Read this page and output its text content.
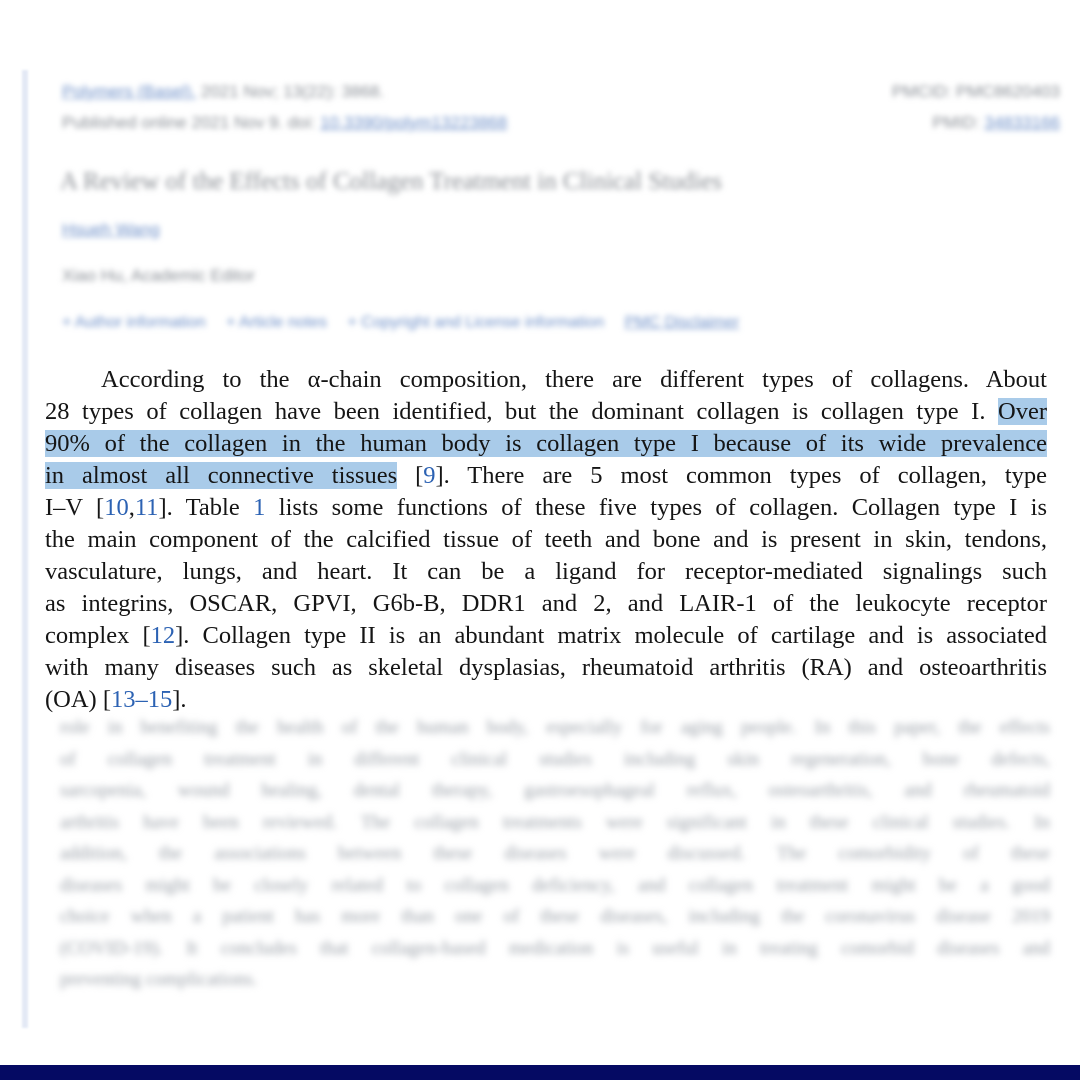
Polymers (Basel). 2021 Nov; 13(22): 3868.
Published online 2021 Nov 9. doi: 10.3390/polym13223868
PMCID: PMC8620403
PMID: 34833166
A Review of the Effects of Collagen Treatment in Clinical Studies
Hsueh Wang
Xiao Hu, Academic Editor
+ Author information + Article notes + Copyright and License information PMC Disclaimer
According to the α-chain composition, there are different types of collagens. About
28 types of collagen have been identified, but the dominant collagen is collagen type I. Over
90% of the collagen in the human body is collagen type I because of its wide prevalence
in almost all connective tissues [9]. There are 5 most common types of collagen, type
I–V [10,11]. Table 1 lists some functions of these five types of collagen. Collagen type I is
the main component of the calcified tissue of teeth and bone and is present in skin, tendons,
vasculature, lungs, and heart. It can be a ligand for receptor-mediated signalings such
as integrins, OSCAR, GPVI, G6b-B, DDR1 and 2, and LAIR-1 of the leukocyte receptor
complex [12]. Collagen type II is an abundant matrix molecule of cartilage and is associated
with many diseases such as skeletal dysplasias, rheumatoid arthritis (RA) and osteoarthritis
(OA) [13–15].
role in benefiting the health of the human body, especially for aging people. In this paper, the effects
of collagen treatment in different clinical studies including skin regeneration, bone defects,
sarcopenia, wound healing, dental therapy, gastroesophageal reflux, osteoarthritis, and rheumatoid
arthritis have been reviewed. The collagen treatments were significant in these clinical studies. In
addition, the associations between these diseases were discussed. The comorbidity of these
diseases might be closely related to collagen deficiency, and collagen treatment might be a good
choice when a patient has more than one of these diseases, including the coronavirus disease 2019
(COVID-19). It concludes that collagen-based medication is useful in treating comorbid diseases and
preventing complications.
